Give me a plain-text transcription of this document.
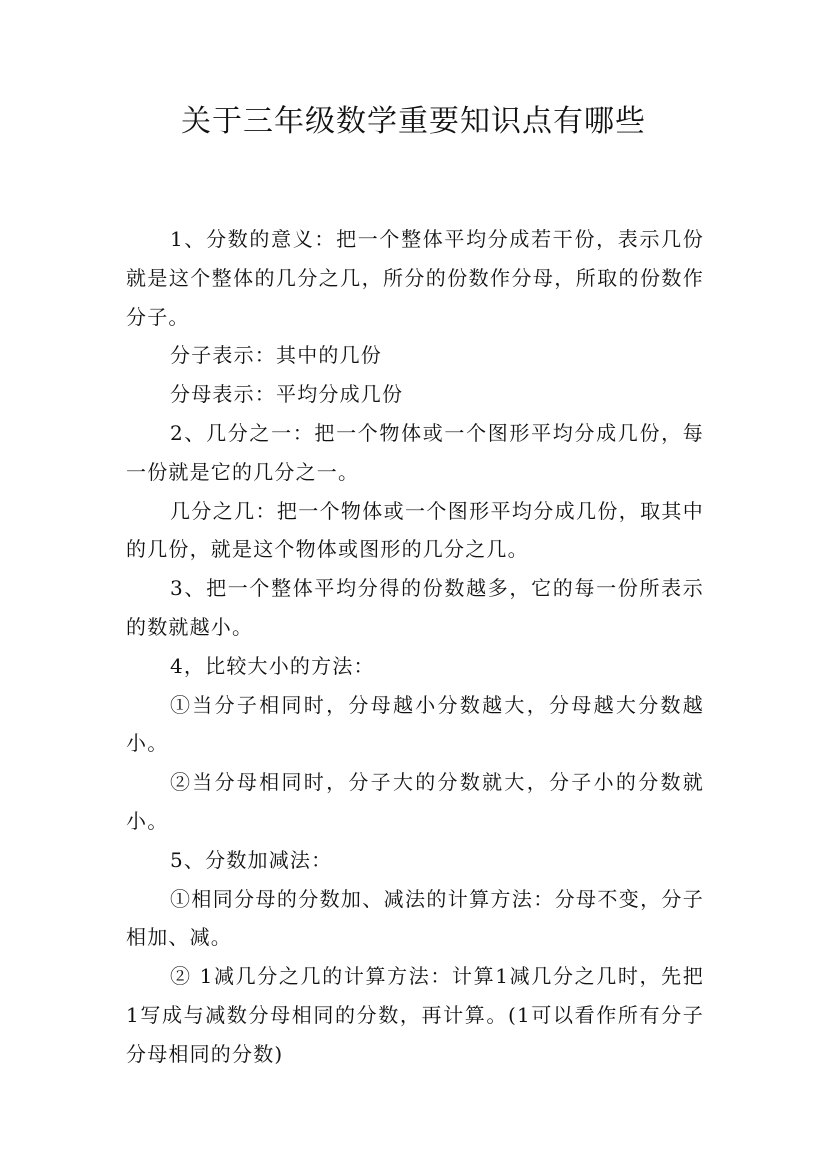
关于三年级数学重要知识点有哪些

1、分数的意义：把一个整体平均分成若干份，表示几份就是这个整体的几分之几，所分的份数作分母，所取的份数作分子。

分子表示：其中的几份

分母表示：平均分成几份

2、几分之一：把一个物体或一个图形平均分成几份，每一份就是它的几分之一。

几分之几：把一个物体或一个图形平均分成几份，取其中的几份，就是这个物体或图形的几分之几。

3、把一个整体平均分得的份数越多，它的每一份所表示的数就越小。

4，比较大小的方法：

①当分子相同时，分母越小分数越大，分母越大分数越小。

②当分母相同时，分子大的分数就大，分子小的分数就小。

5、分数加减法：

①相同分母的分数加、减法的计算方法：分母不变，分子相加、减。

② 1减几分之几的计算方法：计算1减几分之几时，先把1写成与减数分母相同的分数，再计算。(1可以看作所有分子分母相同的分数)
